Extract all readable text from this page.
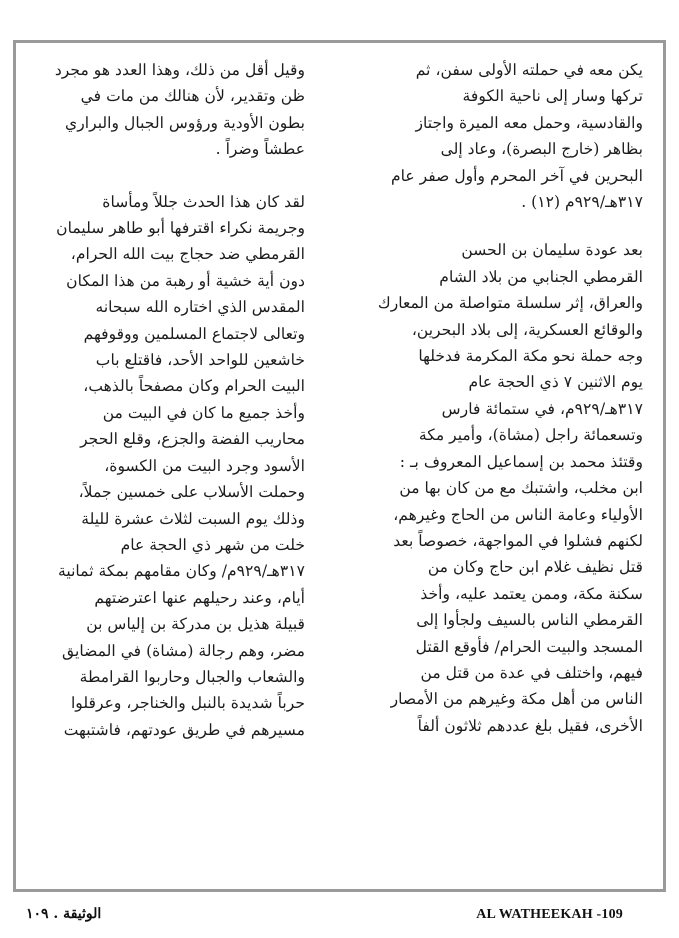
يكن معه في حملته الأولى سفن، ثم

تركها وسار إلى ناحية الكوفة

والقادسية، وحمل معه الميرة واجتاز

بظاهر (خارج البصرة)، وعاد إلى

البحرين في آخر المحرم وأول صفر عام

٣١٧هـ/٩٢٩م (١٢) .

بعد عودة سليمان بن الحسن

القرمطي الجنابي من بلاد الشام

والعراق، إثر سلسلة متواصلة من المعارك

والوقائع العسكرية، إلى بلاد البحرين،

وجه حملة نحو مكة المكرمة فدخلها

يوم الاثنين ٧ ذي الحجة عام

٣١٧هـ/٩٢٩م، في ستمائة فارس

وتسعمائة راجل (مشاة)، وأمير مكة

وقتئذ محمد بن إسماعيل المعروف بـ :

ابن مخلب، واشتبك مع من كان بها من

الأولياء وعامة الناس من الحاج وغيرهم،

لكنهم فشلوا في المواجهة، خصوصاً بعد

قتل نظيف غلام ابن حاج وكان من

سكنة مكة، وممن يعتمد عليه، وأخذ

القرمطي الناس بالسيف ولجأوا إلى

المسجد والبيت الحرام/ فأوقع القتل

فيهم، واختلف في عدة من قتل من

الناس من أهل مكة وغيرهم من الأمصار

الأخرى، فقيل بلغ عددهم ثلاثون ألفاً

وقيل أقل من ذلك، وهذا العدد هو مجرد

ظن وتقدير، لأن هنالك من مات في

بطون الأودية ورؤوس الجبال والبراري

عطشاً وضراً .

لقد كان هذا الحدث جللاً ومأساة

وجريمة نكراء اقترفها أبو طاهر سليمان

القرمطي ضد حجاج بيت الله الحرام،

دون أية خشية أو رهبة من هذا المكان

المقدس الذي اختاره الله سبحانه

وتعالى لاجتماع المسلمين ووقوفهم

خاشعين للواحد الأحد، فاقتلع باب

البيت الحرام وكان مصفحاً بالذهب،

وأخذ جميع ما كان في البيت من

محاريب الفضة والجزع، وقلع الحجر

الأسود وجرد البيت من الكسوة،

وحملت الأسلاب على خمسين جملاً،

وذلك يوم السبت لثلاث عشرة لليلة

خلت من شهر ذي الحجة عام

٣١٧هـ/٩٢٩م/ وكان مقامهم بمكة ثمانية

أيام، وعند رحيلهم عنها اعترضتهم

قبيلة هذيل بن مدركة بن إلياس بن

مضر، وهم رجالة (مشاة) في المضايق

والشعاب والجبال وحاربوا القرامطة

حرباً شديدة بالنبل والخناجر، وعرقلوا

مسيرهم في طريق عودتهم، فاشتبهت

الوثيقة . ١٠٩	AL WATHEEKAH -109
